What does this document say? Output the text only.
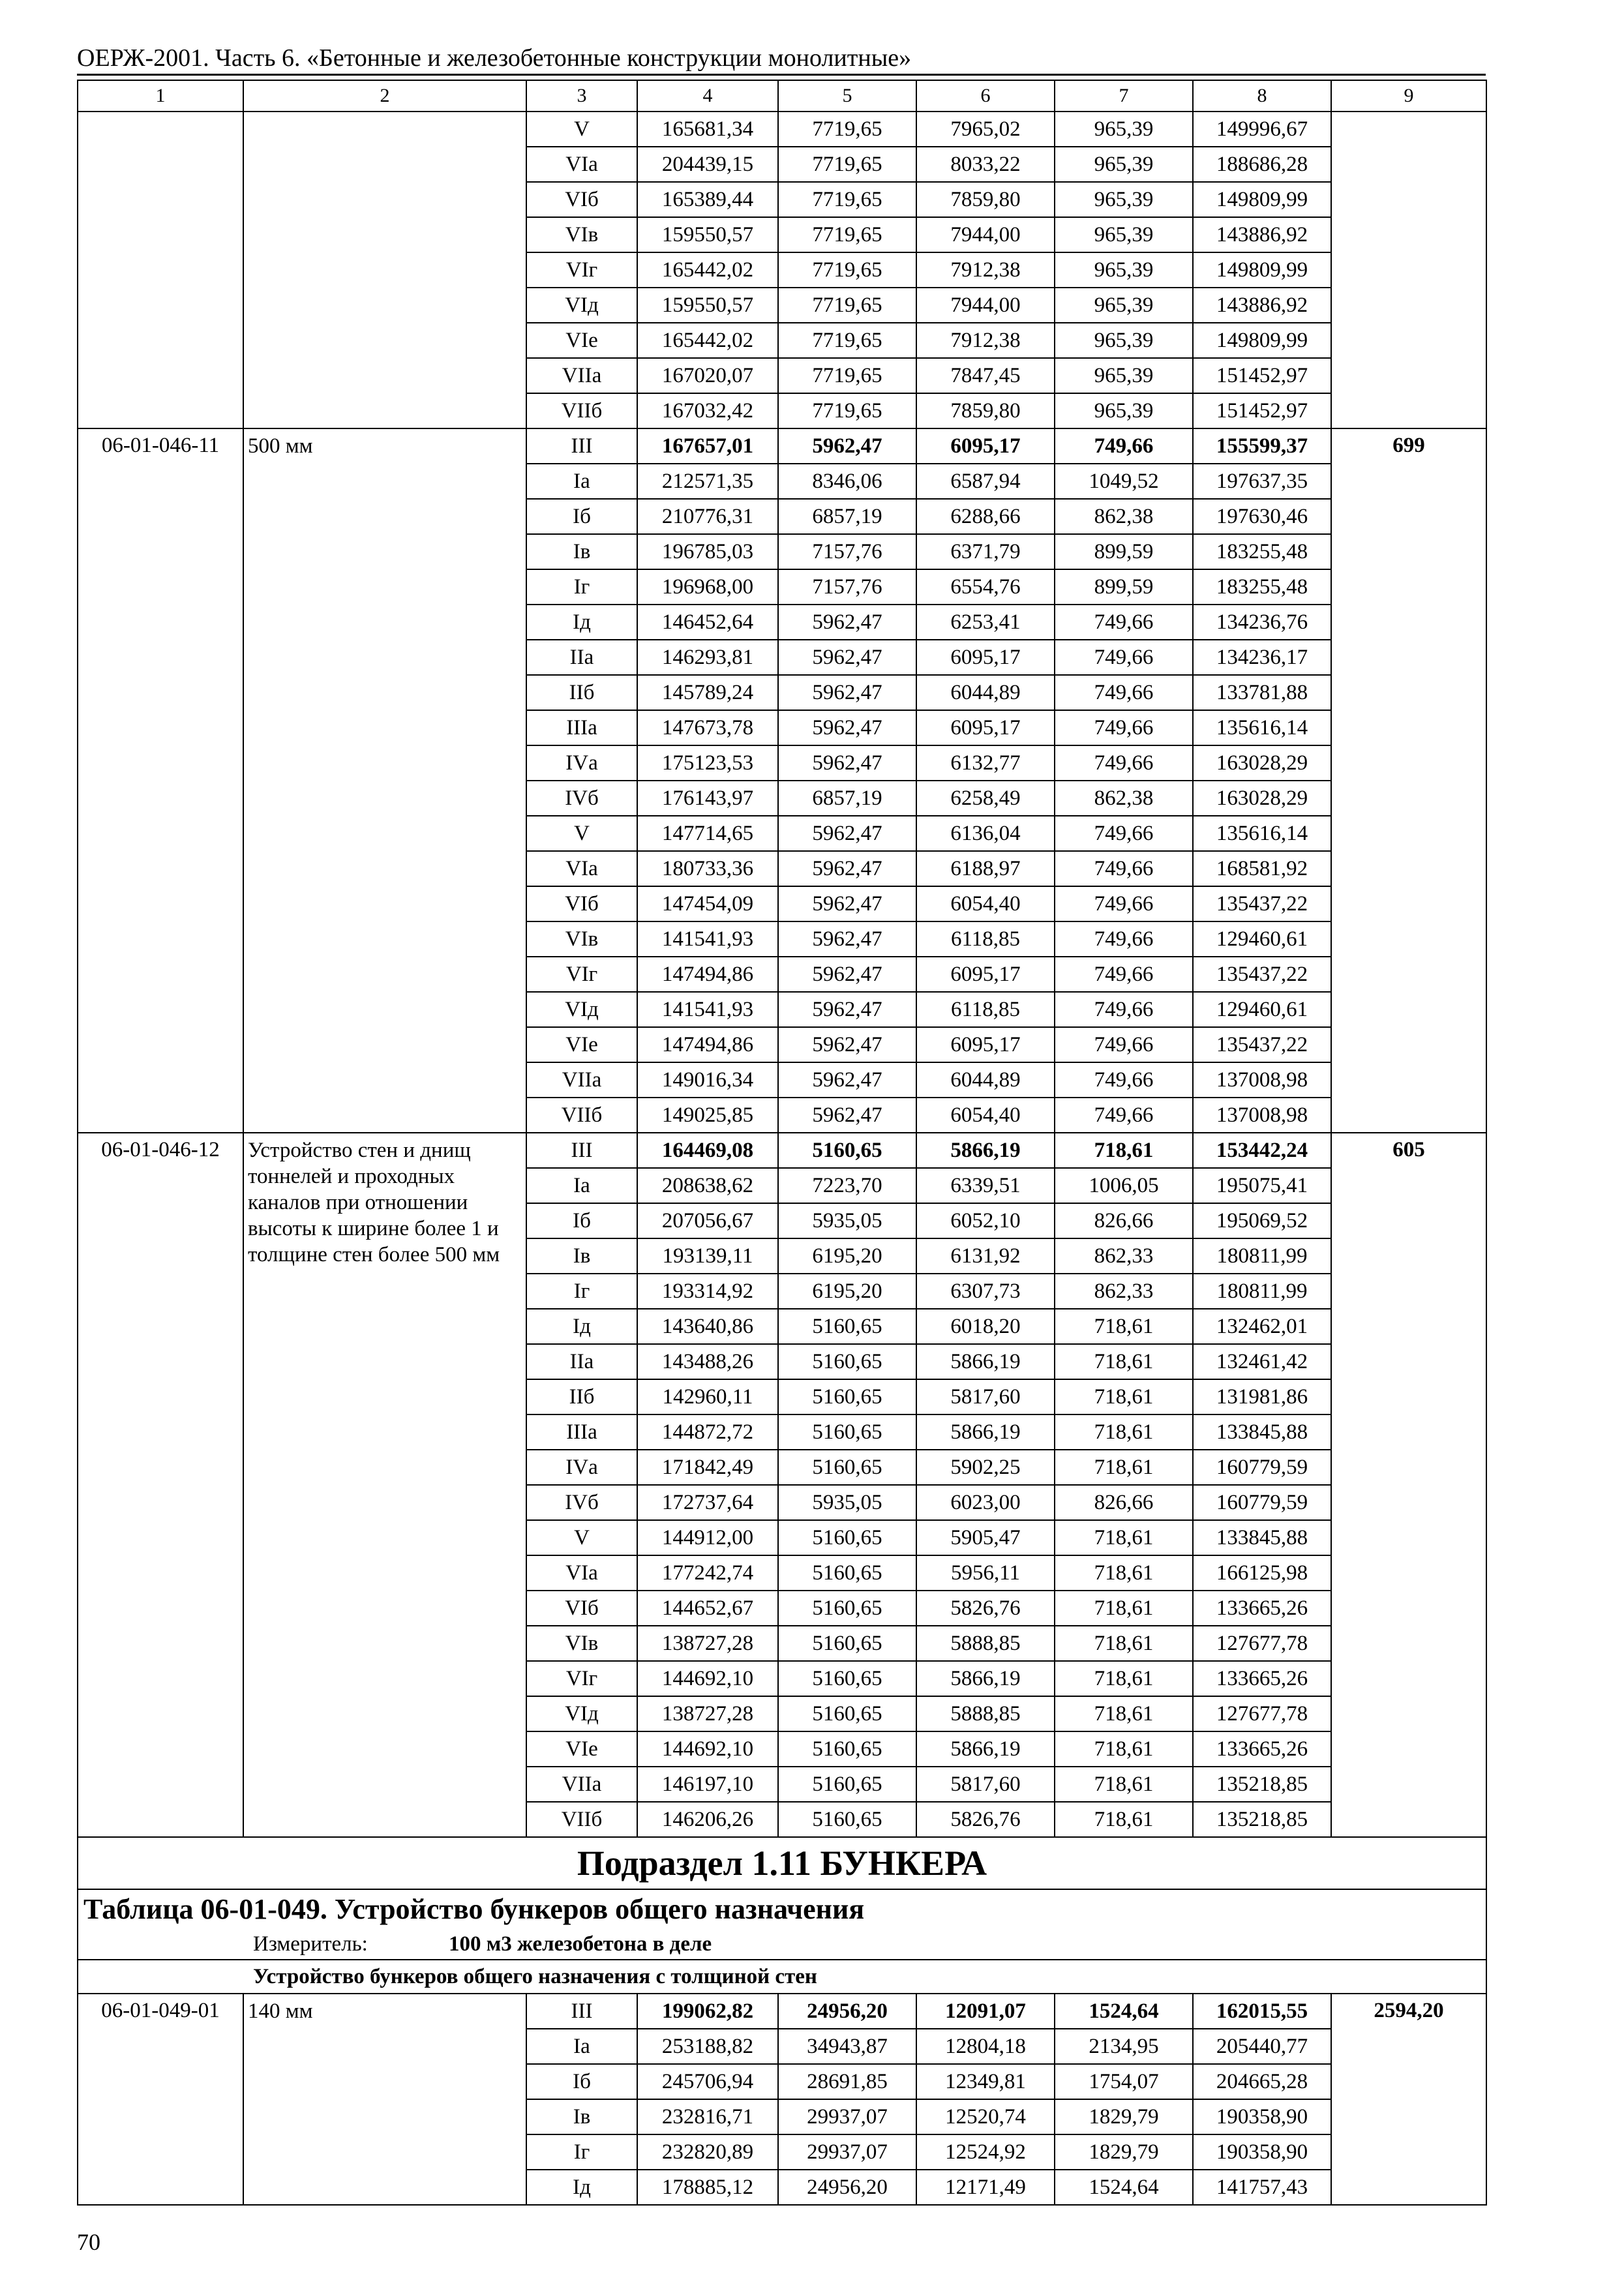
ОЕРЖ-2001. Часть 6. «Бетонные и железобетонные конструкции монолитные»
1	2	3	4	5	6	7	8	9
		V	165681,34	7719,65	7965,02	965,39	149996,67	
		VIа	204439,15	7719,65	8033,22	965,39	188686,28	
		VIб	165389,44	7719,65	7859,80	965,39	149809,99	
		VIв	159550,57	7719,65	7944,00	965,39	143886,92	
		VIг	165442,02	7719,65	7912,38	965,39	149809,99	
		VIд	159550,57	7719,65	7944,00	965,39	143886,92	
		VIе	165442,02	7719,65	7912,38	965,39	149809,99	
		VIIа	167020,07	7719,65	7847,45	965,39	151452,97	
		VIIб	167032,42	7719,65	7859,80	965,39	151452,97	
06-01-046-11	500 мм	III	167657,01	5962,47	6095,17	749,66	155599,37	699
		Iа	212571,35	8346,06	6587,94	1049,52	197637,35	
		Iб	210776,31	6857,19	6288,66	862,38	197630,46	
		Iв	196785,03	7157,76	6371,79	899,59	183255,48	
		Iг	196968,00	7157,76	6554,76	899,59	183255,48	
		Iд	146452,64	5962,47	6253,41	749,66	134236,76	
		IIа	146293,81	5962,47	6095,17	749,66	134236,17	
		IIб	145789,24	5962,47	6044,89	749,66	133781,88	
		IIIа	147673,78	5962,47	6095,17	749,66	135616,14	
		IVа	175123,53	5962,47	6132,77	749,66	163028,29	
		IVб	176143,97	6857,19	6258,49	862,38	163028,29	
		V	147714,65	5962,47	6136,04	749,66	135616,14	
		VIа	180733,36	5962,47	6188,97	749,66	168581,92	
		VIб	147454,09	5962,47	6054,40	749,66	135437,22	
		VIв	141541,93	5962,47	6118,85	749,66	129460,61	
		VIг	147494,86	5962,47	6095,17	749,66	135437,22	
		VIд	141541,93	5962,47	6118,85	749,66	129460,61	
		VIе	147494,86	5962,47	6095,17	749,66	135437,22	
		VIIа	149016,34	5962,47	6044,89	749,66	137008,98	
		VIIб	149025,85	5962,47	6054,40	749,66	137008,98	
06-01-046-12	Устройство стен и днищ тоннелей и проходных каналов при отношении высоты к ширине более 1 и толщине стен более 500 мм	III	164469,08	5160,65	5866,19	718,61	153442,24	605
		Iа	208638,62	7223,70	6339,51	1006,05	195075,41	
		Iб	207056,67	5935,05	6052,10	826,66	195069,52	
		Iв	193139,11	6195,20	6131,92	862,33	180811,99	
		Iг	193314,92	6195,20	6307,73	862,33	180811,99	
		Iд	143640,86	5160,65	6018,20	718,61	132462,01	
		IIа	143488,26	5160,65	5866,19	718,61	132461,42	
		IIб	142960,11	5160,65	5817,60	718,61	131981,86	
		IIIа	144872,72	5160,65	5866,19	718,61	133845,88	
		IVа	171842,49	5160,65	5902,25	718,61	160779,59	
		IVб	172737,64	5935,05	6023,00	826,66	160779,59	
		V	144912,00	5160,65	5905,47	718,61	133845,88	
		VIа	177242,74	5160,65	5956,11	718,61	166125,98	
		VIб	144652,67	5160,65	5826,76	718,61	133665,26	
		VIв	138727,28	5160,65	5888,85	718,61	127677,78	
		VIг	144692,10	5160,65	5866,19	718,61	133665,26	
		VIд	138727,28	5160,65	5888,85	718,61	127677,78	
		VIе	144692,10	5160,65	5866,19	718,61	133665,26	
		VIIа	146197,10	5160,65	5817,60	718,61	135218,85	
		VIIб	146206,26	5160,65	5826,76	718,61	135218,85	
Подраздел 1.11 БУНКЕРА								
Таблица 06-01-049. Устройство бункеров общего назначения								
Измеритель: 100 м3 железобетона в деле								
Устройство бункеров общего назначения с толщиной стен								
06-01-049-01	140 мм	III	199062,82	24956,20	12091,07	1524,64	162015,55	2594,20
		Iа	253188,82	34943,87	12804,18	2134,95	205440,77	
		Iб	245706,94	28691,85	12349,81	1754,07	204665,28	
		Iв	232816,71	29937,07	12520,74	1829,79	190358,90	
		Iг	232820,89	29937,07	12524,92	1829,79	190358,90	
		Iд	178885,12	24956,20	12171,49	1524,64	141757,43	
70
